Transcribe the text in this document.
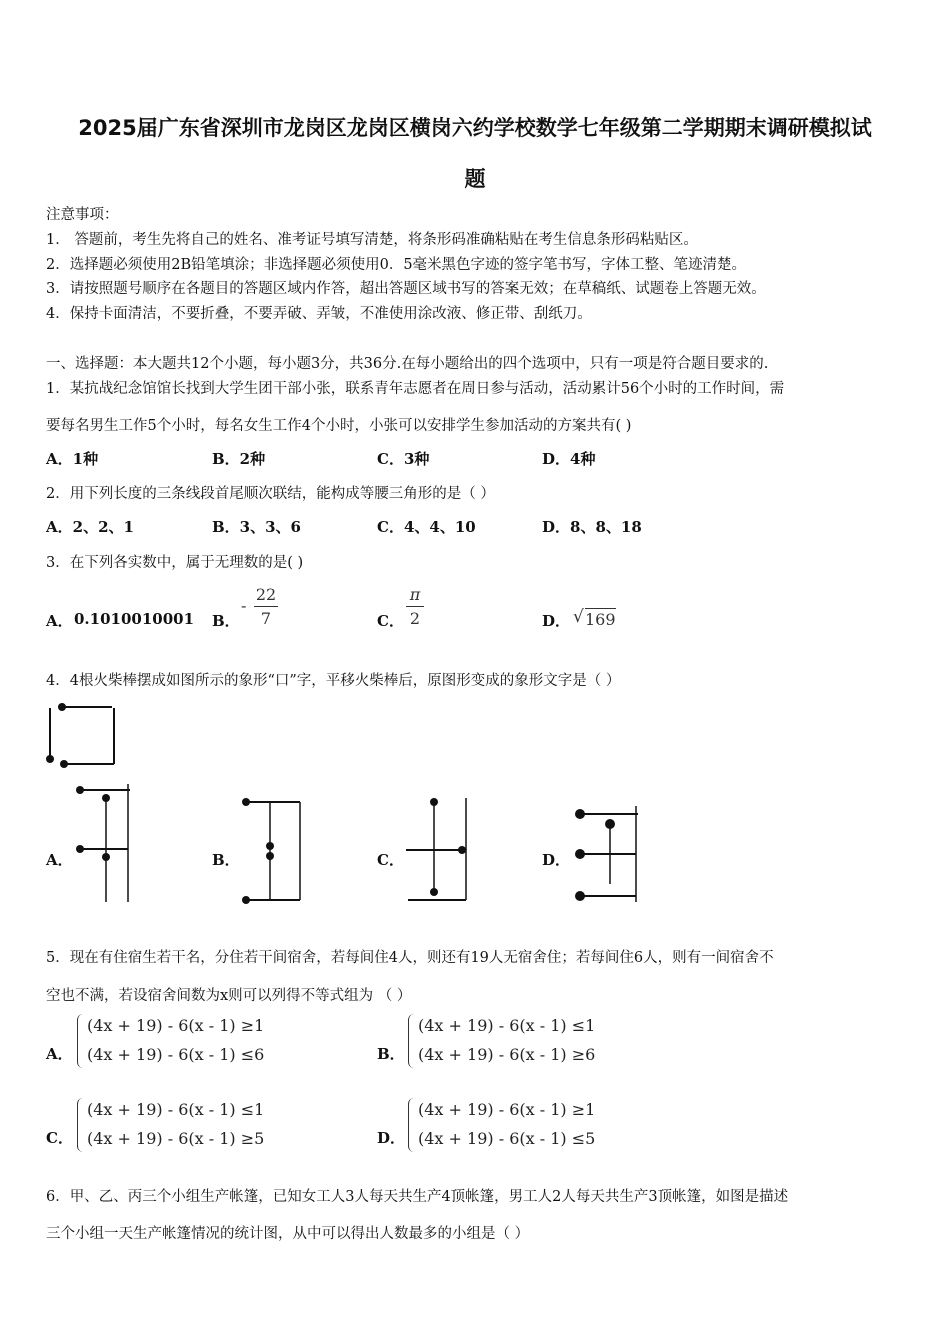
2025届广东省深圳市龙岗区龙岗区横岗六约学校数学七年级第二学期期末调研模拟试
题
注意事项：
1． 答题前，考生先将自己的姓名、准考证号填写清楚，将条形码准确粘贴在考生信息条形码粘贴区。
2．选择题必须使用2B铅笔填涂；非选择题必须使用0．5毫米黑色字迹的签字笔书写，字体工整、笔迹清楚。
3．请按照题号顺序在各题目的答题区域内作答，超出答题区域书写的答案无效；在草稿纸、试题卷上答题无效。
4．保持卡面清洁，不要折叠，不要弄破、弄皱，不准使用涂改液、修正带、刮纸刀。
一、选择题：本大题共12个小题，每小题3分，共36分.在每小题给出的四个选项中，只有一项是符合题目要求的.
1．某抗战纪念馆馆长找到大学生团干部小张，联系青年志愿者在周日参与活动，活动累计56个小时的工作时间，需
要每名男生工作5个小时，每名女生工作4个小时，小张可以安排学生参加活动的方案共有( )
A．1种	B．2种	C．3种	D．4种
2．用下列长度的三条线段首尾顺次联结，能构成等腰三角形的是（ ）
A．2、2、1	B．3、3、6	C．4、4、10	D．8、8、18
3．在下列各实数中，属于无理数的是( )
A． 0.1010010001 B．
-
22
7	C．
π
2	D． √ 169
4．4根火柴棒摆成如图所示的象形“口”字，平移火柴棒后，原图形变成的象形文字是（ ）
A．	B．	C．	D．
5．现在有住宿生若干名，分住若干间宿舍，若每间住4人，则还有19人无宿舍住；若每间住6人，则有一间宿舍不
空也不满，若设宿舍间数为x则可以列得不等式组为 （ ）
A．
(4x + 19) - 6(x - 1) ≥1
(4x + 19) - 6(x - 1) ≤6	B．
(4x + 19) - 6(x - 1) ≤1
(4x + 19) - 6(x - 1) ≥6
C．
(4x + 19) - 6(x - 1) ≤1
(4x + 19) - 6(x - 1) ≥5	D．
(4x + 19) - 6(x - 1) ≥1
(4x + 19) - 6(x - 1) ≤5
6．甲、乙、丙三个小组生产帐篷，已知女工人3人每天共生产4顶帐篷，男工人2人每天共生产3顶帐篷，如图是描述
三个小组一天生产帐篷情况的统计图，从中可以得出人数最多的小组是（ ）
